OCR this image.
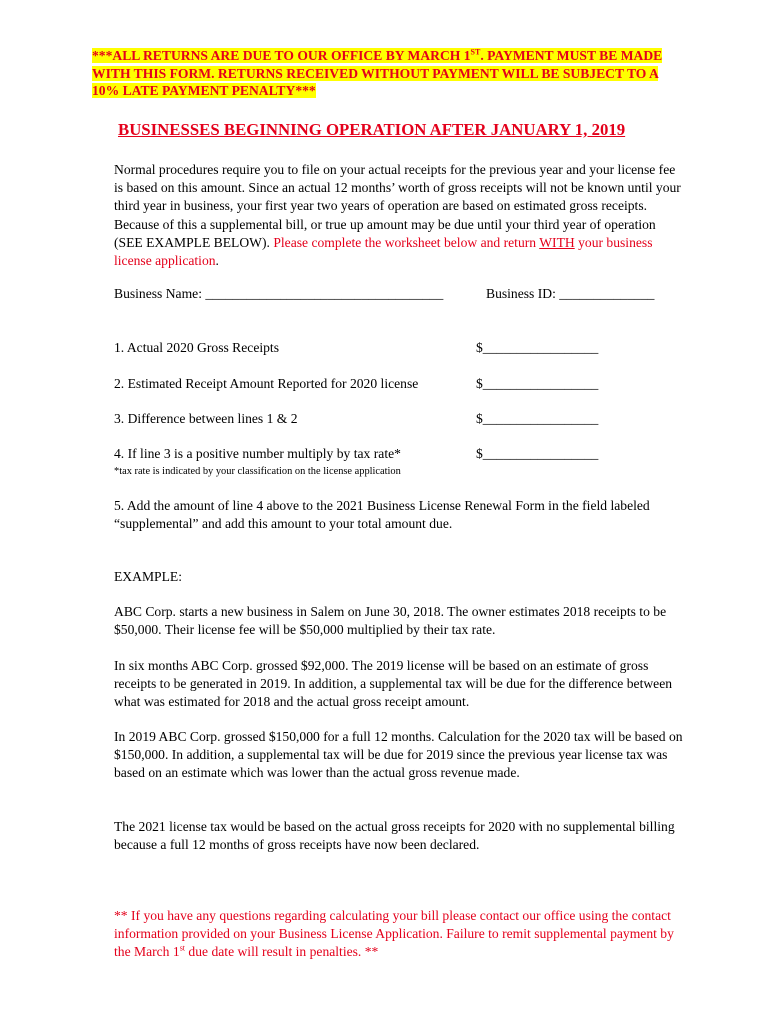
***ALL RETURNS ARE DUE TO OUR OFFICE BY MARCH 1ST. PAYMENT MUST BE MADE WITH THIS FORM. RETURNS RECEIVED WITHOUT PAYMENT WILL BE SUBJECT TO A 10% LATE PAYMENT PENALTY***
BUSINESSES BEGINNING OPERATION AFTER JANUARY 1, 2019
Normal procedures require you to file on your actual receipts for the previous year and your license fee is based on this amount. Since an actual 12 months’ worth of gross receipts will not be known until your third year in business, your first year two years of operation are based on estimated gross receipts. Because of this a supplemental bill, or true up amount may be due until your third year of operation (SEE EXAMPLE BELOW). Please complete the worksheet below and return WITH your business license application.
Business Name: ___________________________________	Business ID: ______________
1. Actual 2020 Gross Receipts	$_________________
2. Estimated Receipt Amount Reported for 2020 license	$_________________
3. Difference between lines 1 & 2	$_________________
4. If line 3 is a positive number multiply by tax rate*	$_________________
*tax rate is indicated by your classification on the license application
5. Add the amount of line 4 above to the 2021 Business License Renewal Form in the field labeled “supplemental” and add this amount to your total amount due.
EXAMPLE:
ABC Corp. starts a new business in Salem on June 30, 2018. The owner estimates 2018 receipts to be $50,000. Their license fee will be $50,000 multiplied by their tax rate.
In six months ABC Corp. grossed $92,000. The 2019 license will be based on an estimate of gross receipts to be generated in 2019. In addition, a supplemental tax will be due for the difference between what was estimated for 2018 and the actual gross receipt amount.
In 2019 ABC Corp. grossed $150,000 for a full 12 months. Calculation for the 2020 tax will be based on $150,000. In addition, a supplemental tax will be due for 2019 since the previous year license tax was based on an estimate which was lower than the actual gross revenue made.
The 2021 license tax would be based on the actual gross receipts for 2020 with no supplemental billing because a full 12 months of gross receipts have now been declared.
** If you have any questions regarding calculating your bill please contact our office using the contact information provided on your Business License Application. Failure to remit supplemental payment by the March 1st due date will result in penalties. **
